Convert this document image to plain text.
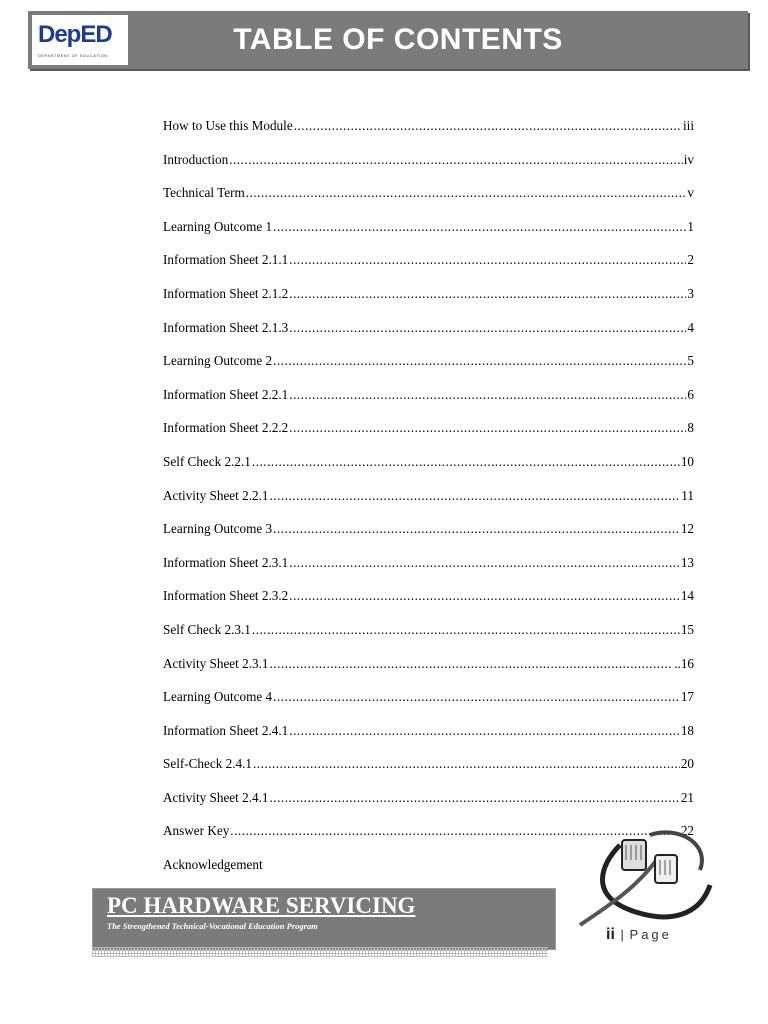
DepED
DEPARTMENT OF EDUCATION	TABLE OF CONTENTS
How to Use this Module .....	iii
Introduction .....	iv
Technical Term .....	v
Learning Outcome 1 .....	1
Information Sheet 2.1.1 .....	2
Information Sheet 2.1.2 .....	3
Information Sheet 2.1.3 .....	4
Learning Outcome 2 .....	5
Information Sheet 2.2.1 .....	6
Information Sheet 2.2.2 .....	8
Self Check 2.2.1 .....	10
Activity Sheet 2.2.1 .....	11
Learning Outcome 3 .....	12
Information Sheet 2.3.1 .....	13
Information Sheet 2.3.2 .....	14
Self Check 2.3.1 .....	15
Activity Sheet 2.3.1 .....	..16
Learning Outcome 4 .....	17
Information Sheet 2.4.1 .....	18
Self-Check 2.4.1 .....	20
Activity Sheet 2.4.1 .....	21
Answer Key .....	22
Acknowledgement
PC HARDWARE SERVICING
The Strengthened Technical-Vocational Education Program	ii | Page
